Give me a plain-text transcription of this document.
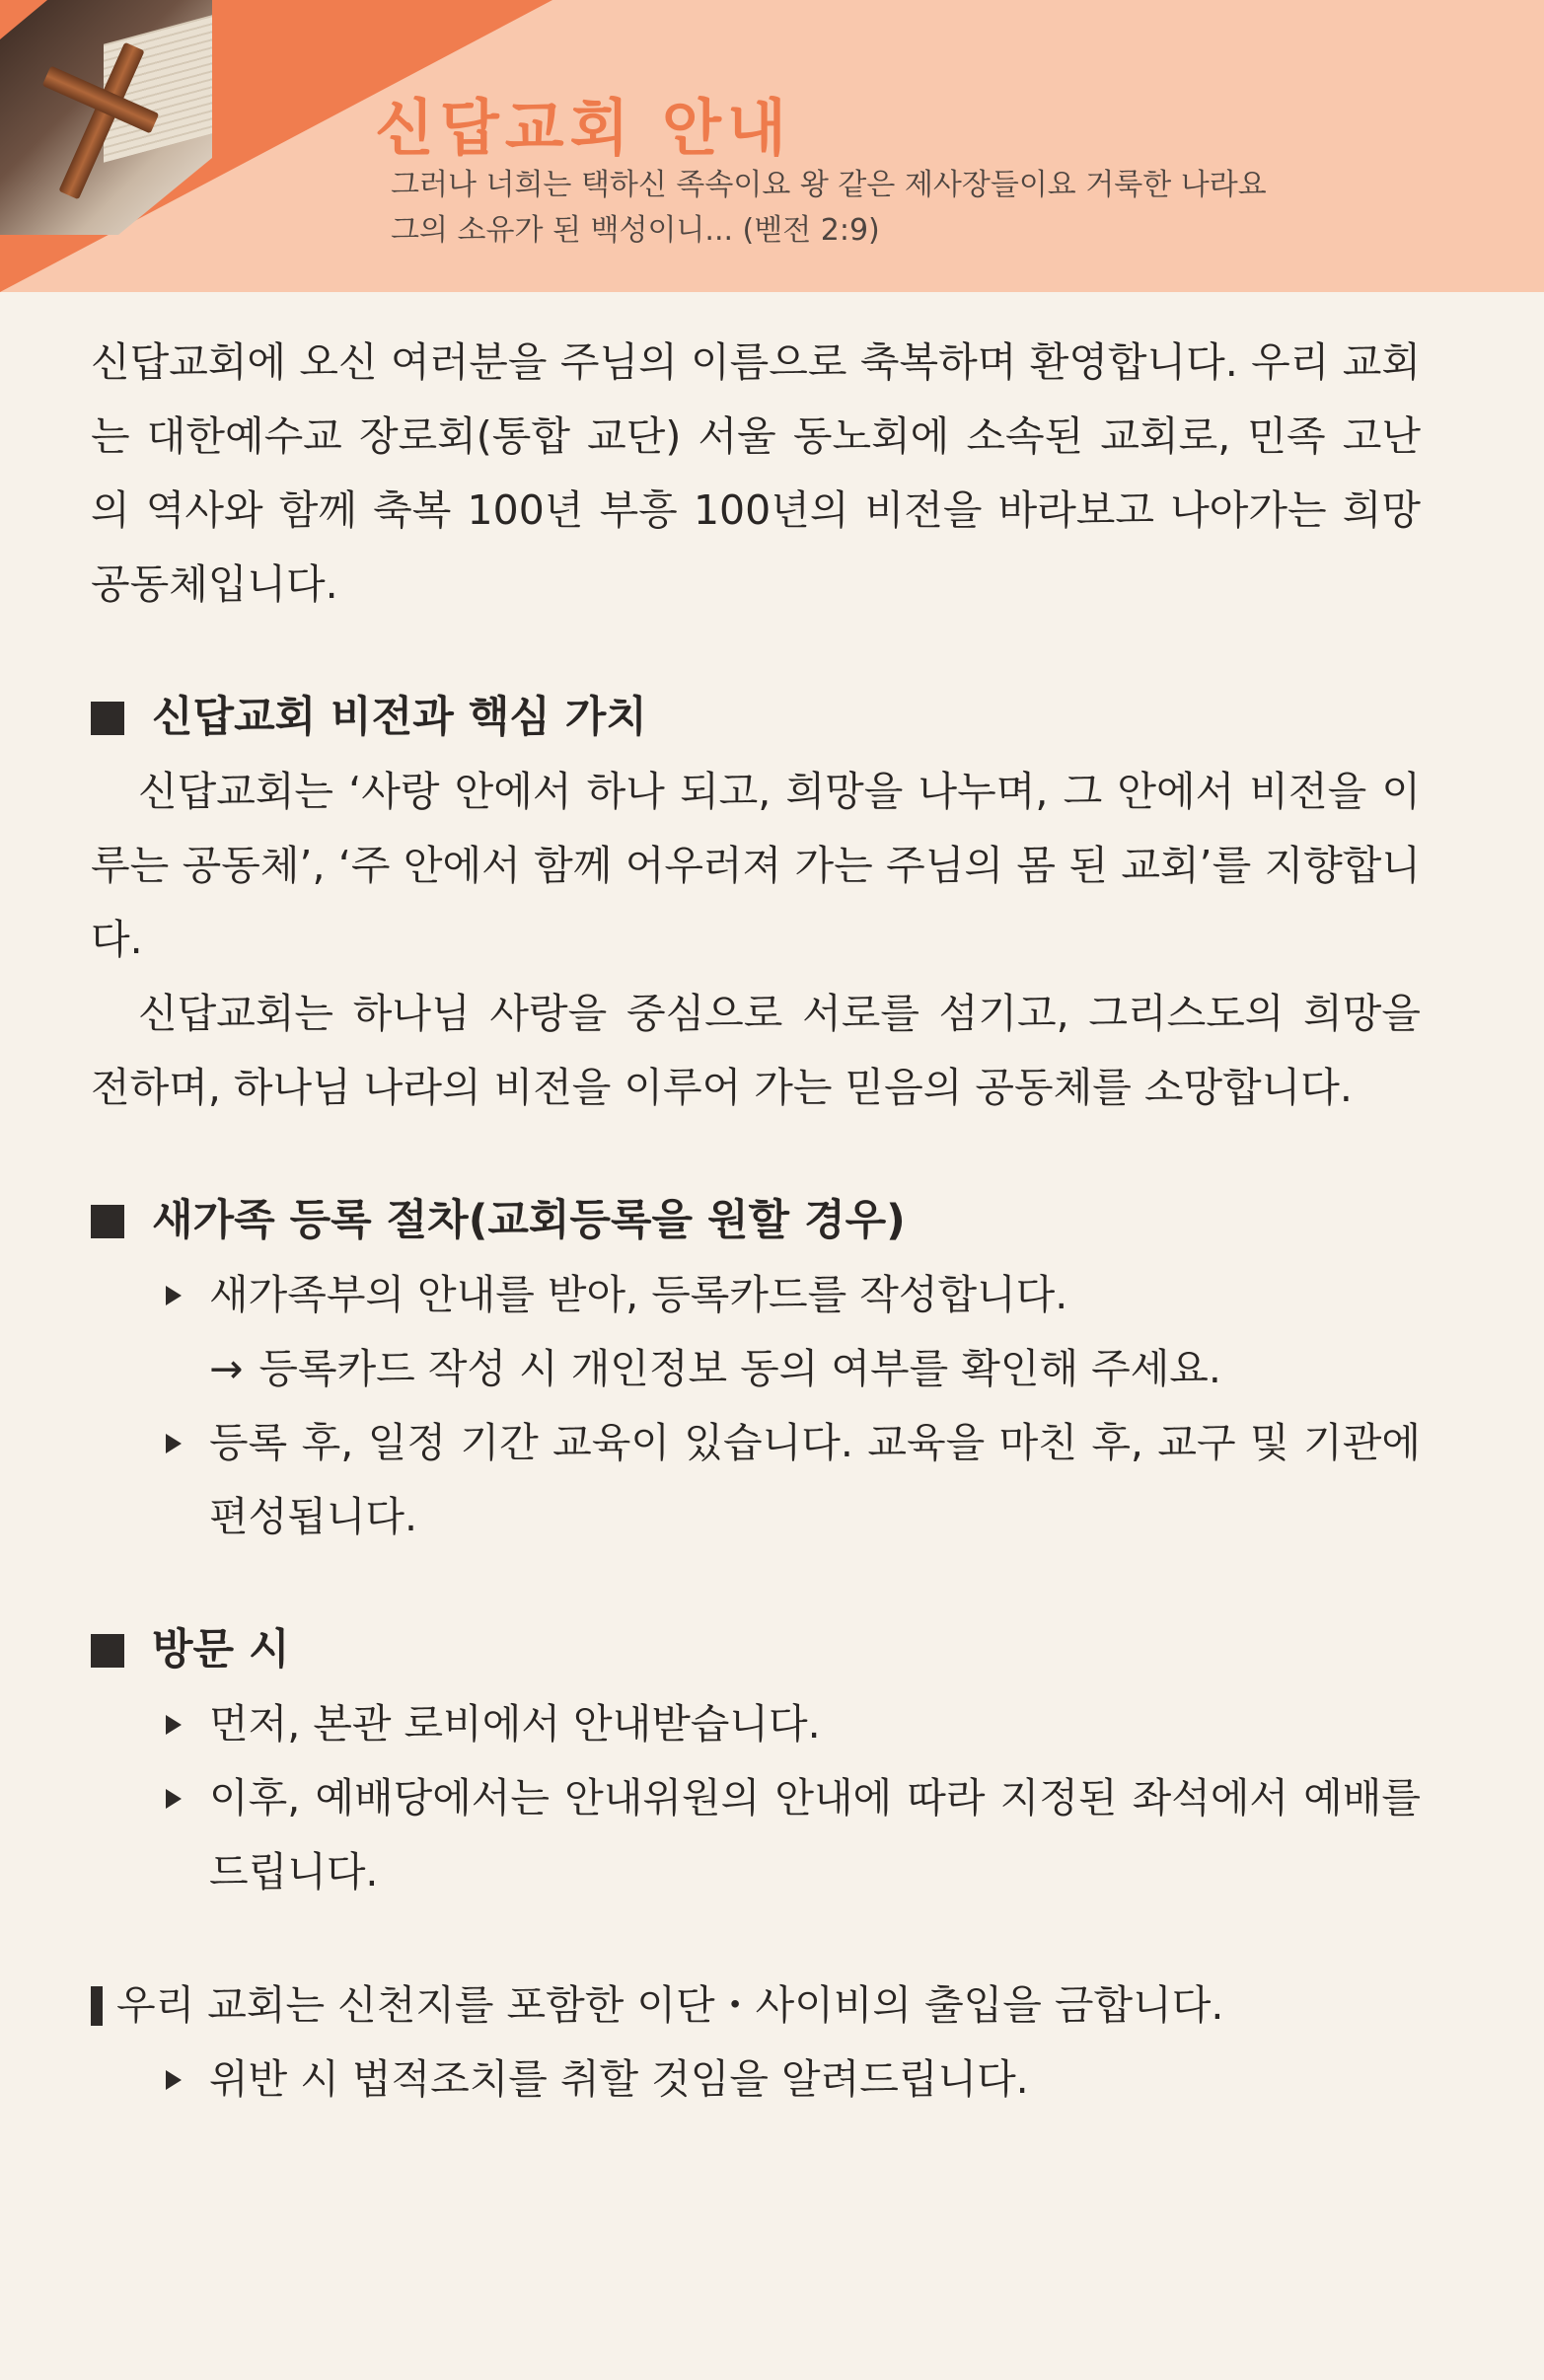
신답교회 안내
그러나 너희는 택하신 족속이요 왕 같은 제사장들이요 거룩한 나라요
그의 소유가 된 백성이니... (벧전 2:9)

신답교회에 오신 여러분을 주님의 이름으로 축복하며 환영합니다. 우리 교회는 대한예수교 장로회(통합 교단) 서울 동노회에 소속된 교회로, 민족 고난의 역사와 함께 축복 100년 부흥 100년의 비전을 바라보고 나아가는 희망 공동체입니다.

신답교회 비전과 핵심 가치

신답교회는 ‘사랑 안에서 하나 되고, 희망을 나누며, 그 안에서 비전을 이루는 공동체’, ‘주 안에서 함께 어우러져 가는 주님의 몸 된 교회’를 지향합니다.

신답교회는 하나님 사랑을 중심으로 서로를 섬기고, 그리스도의 희망을 전하며, 하나님 나라의 비전을 이루어 가는 믿음의 공동체를 소망합니다.

새가족 등록 절차(교회등록을 원할 경우)

새가족부의 안내를 받아, 등록카드를 작성합니다.

→ 등록카드 작성 시 개인정보 동의 여부를 확인해 주세요.

등록 후, 일정 기간 교육이 있습니다. 교육을 마친 후, 교구 및 기관에 편성됩니다.

방문 시

먼저, 본관 로비에서 안내받습니다.

이후, 예배당에서는 안내위원의 안내에 따라 지정된 좌석에서 예배를 드립니다.

우리 교회는 신천지를 포함한 이단・사이비의 출입을 금합니다.

위반 시 법적조치를 취할 것임을 알려드립니다.
